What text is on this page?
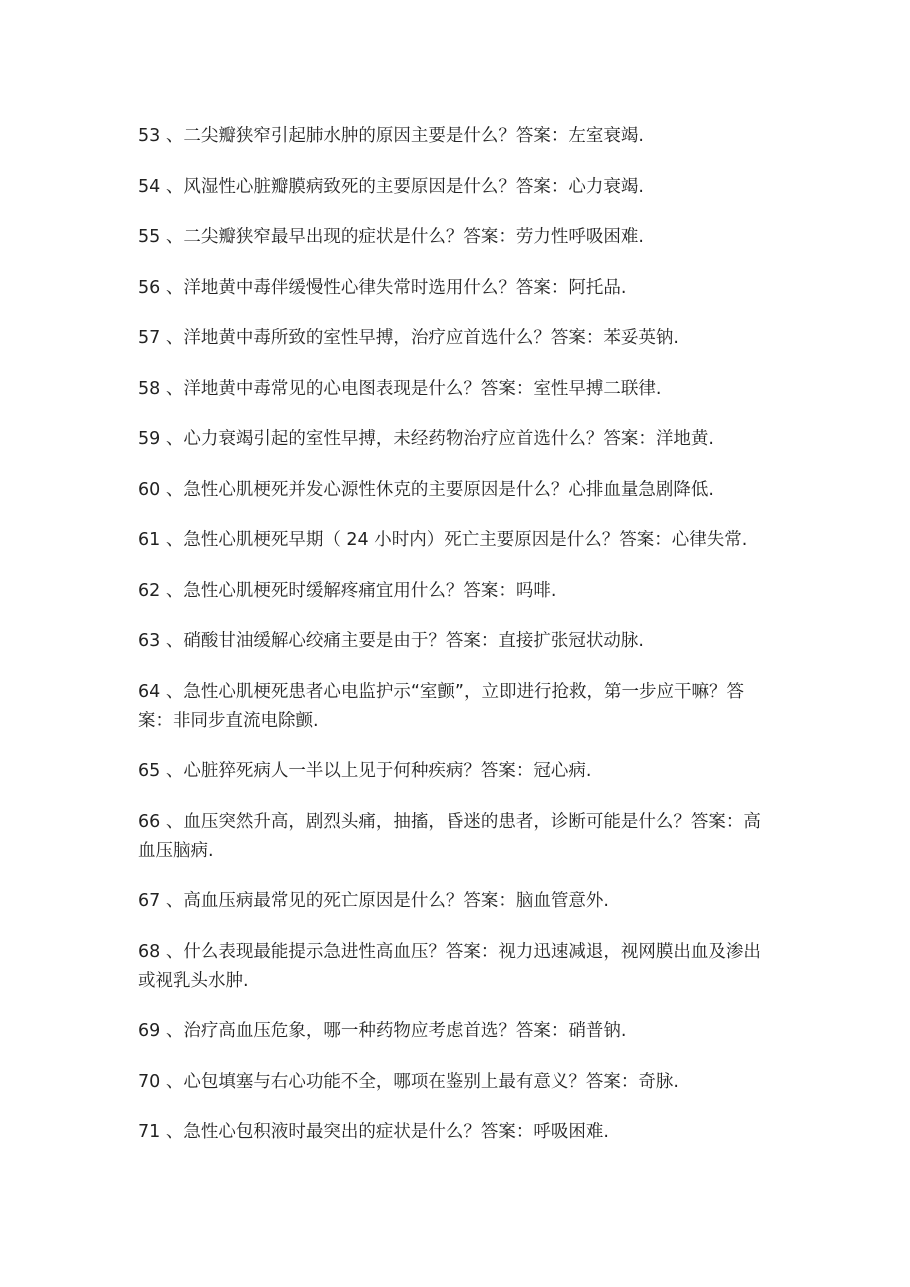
53 、二尖瓣狭窄引起肺水肿的原因主要是什么？答案：左室衰竭.
54 、风湿性心脏瓣膜病致死的主要原因是什么？答案：心力衰竭.
55 、二尖瓣狭窄最早出现的症状是什么？答案：劳力性呼吸困难.
56 、洋地黄中毒伴缓慢性心律失常时选用什么？答案：阿托品.
57 、洋地黄中毒所致的室性早搏，治疗应首选什么？答案：苯妥英钠.
58 、洋地黄中毒常见的心电图表现是什么？答案：室性早搏二联律.
59 、心力衰竭引起的室性早搏，未经药物治疗应首选什么？答案：洋地黄.
60 、急性心肌梗死并发心源性休克的主要原因是什么？心排血量急剧降低.
61 、急性心肌梗死早期（ 24 小时内）死亡主要原因是什么？答案：心律失常.
62 、急性心肌梗死时缓解疼痛宜用什么？答案：吗啡.
63 、硝酸甘油缓解心绞痛主要是由于？答案：直接扩张冠状动脉.
64 、急性心肌梗死患者心电监护示“室颤”，立即进行抢救，第一步应干嘛？答案：非同步直流电除颤.
65 、心脏猝死病人一半以上见于何种疾病？答案：冠心病.
66 、血压突然升高，剧烈头痛，抽搐，昏迷的患者，诊断可能是什么？答案：高血压脑病.
67 、高血压病最常见的死亡原因是什么？答案：脑血管意外.
68 、什么表现最能提示急进性高血压？答案：视力迅速减退，视网膜出血及渗出或视乳头水肿.
69 、治疗高血压危象，哪一种药物应考虑首选？答案：硝普钠.
70 、心包填塞与右心功能不全，哪项在鉴别上最有意义？答案：奇脉.
71 、急性心包积液时最突出的症状是什么？答案：呼吸困难.
